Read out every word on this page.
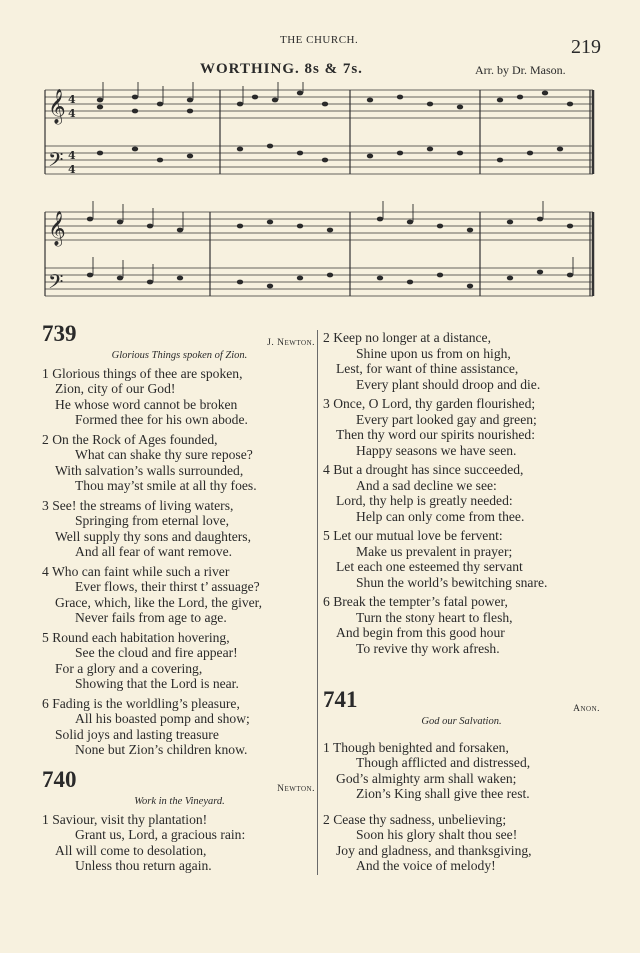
THE CHURCH.	219
WORTHING. 8s & 7s.	Arr. by Dr. Mason.
𝄞
𝄢
𝄞
𝄢
4
4
4
4
739	J. Newton.
Glorious Things spoken of Zion.
1 Glorious things of thee are spoken,
Zion, city of our God!
He whose word cannot be broken
Formed thee for his own abode.
2 On the Rock of Ages founded,
What can shake thy sure repose?
With salvation’s walls surrounded,
Thou may’st smile at all thy foes.
3 See! the streams of living waters,
Springing from eternal love,
Well supply thy sons and daughters,
And all fear of want remove.
4 Who can faint while such a river
Ever flows, their thirst t’ assuage?
Grace, which, like the Lord, the giver,
Never fails from age to age.
5 Round each habitation hovering,
See the cloud and fire appear!
For a glory and a covering,
Showing that the Lord is near.
6 Fading is the worldling’s pleasure,
All his boasted pomp and show;
Solid joys and lasting treasure
None but Zion’s children know.
740	Newton.
Work in the Vineyard.
1 Saviour, visit thy plantation!
Grant us, Lord, a gracious rain:
All will come to desolation,
Unless thou return again.
2 Keep no longer at a distance,
Shine upon us from on high,
Lest, for want of thine assistance,
Every plant should droop and die.
3 Once, O Lord, thy garden flourished;
Every part looked gay and green;
Then thy word our spirits nourished:
Happy seasons we have seen.
4 But a drought has since succeeded,
And a sad decline we see:
Lord, thy help is greatly needed:
Help can only come from thee.
5 Let our mutual love be fervent:
Make us prevalent in prayer;
Let each one esteemed thy servant
Shun the world’s bewitching snare.
6 Break the tempter’s fatal power,
Turn the stony heart to flesh,
And begin from this good hour
To revive thy work afresh.
741	Anon.
God our Salvation.
1 Though benighted and forsaken,
Though afflicted and distressed,
God’s almighty arm shall waken;
Zion’s King shall give thee rest.
2 Cease thy sadness, unbelieving;
Soon his glory shalt thou see!
Joy and gladness, and thanksgiving,
And the voice of melody!
